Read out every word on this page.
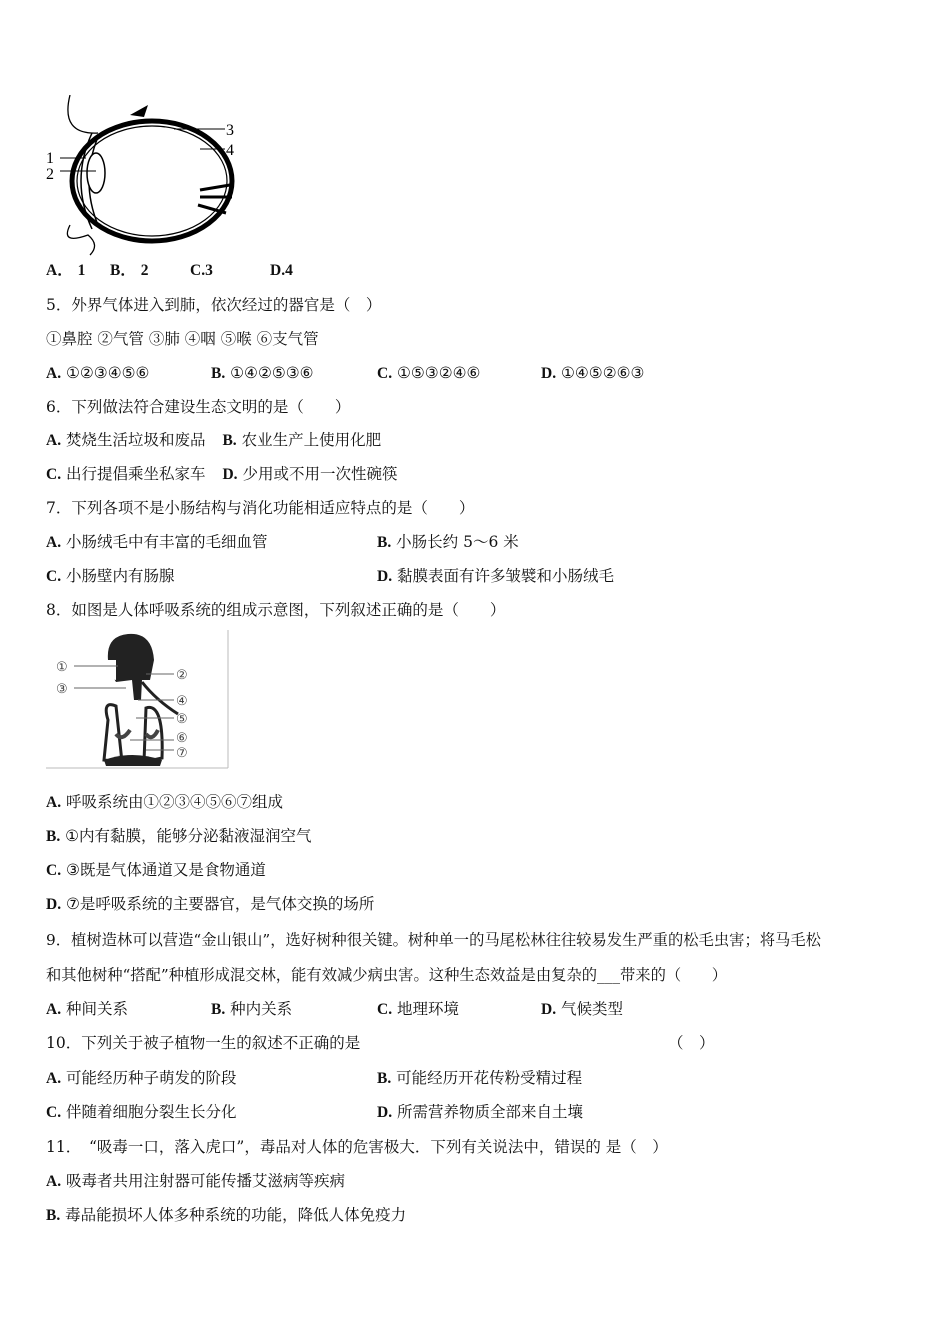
1
2
3
4
A． 1 B． 2	C.3	D.4
5．外界气体进入到肺，依次经过的器官是（　）
①鼻腔 ②气管 ③肺 ④咽 ⑤喉 ⑥支气管
A. ①②③④⑤⑥	B. ①④②⑤③⑥	C. ①⑤③②④⑥	D. ①④⑤②⑥③
6．下列做法符合建设生态文明的是（　　）
A. 焚烧生活垃圾和废品 B. 农业生产上使用化肥
C. 出行提倡乘坐私家车 D. 少用或不用一次性碗筷
7．下列各项不是小肠结构与消化功能相适应特点的是（　　）
A. 小肠绒毛中有丰富的毛细血管	B. 小肠长约 5～6 米
C. 小肠壁内有肠腺	D. 黏膜表面有许多皱襞和小肠绒毛
8．如图是人体呼吸系统的组成示意图，下列叙述正确的是（　　）
①
②
③
④
⑤
⑥
⑦
A. 呼吸系统由①②③④⑤⑥⑦组成
B. ①内有黏膜，能够分泌黏液湿润空气
C. ③既是气体通道又是食物通道
D. ⑦是呼吸系统的主要器官，是气体交换的场所
9．植树造林可以营造“金山银山”，选好树种很关键。树种单一的马尾松林往往较易发生严重的松毛虫害；将马毛松
和其他树种“搭配”种植形成混交林，能有效减少病虫害。这种生态效益是由复杂的___带来的（　　）
A. 种间关系	B. 种内关系	C. 地理环境	D. 气候类型
10．下列关于被子植物一生的叙述不正确的是	（　）
A. 可能经历种子萌发的阶段	B. 可能经历开花传粉受精过程
C. 伴随着细胞分裂生长分化	D. 所需营养物质全部来自土壤
11．　“吸毒一口，落入虎口”，毒品对人体的危害极大．下列有关说法中，错误的 是（　）
A. 吸毒者共用注射器可能传播艾滋病等疾病
B. 毒品能损坏人体多种系统的功能，降低人体免疫力
